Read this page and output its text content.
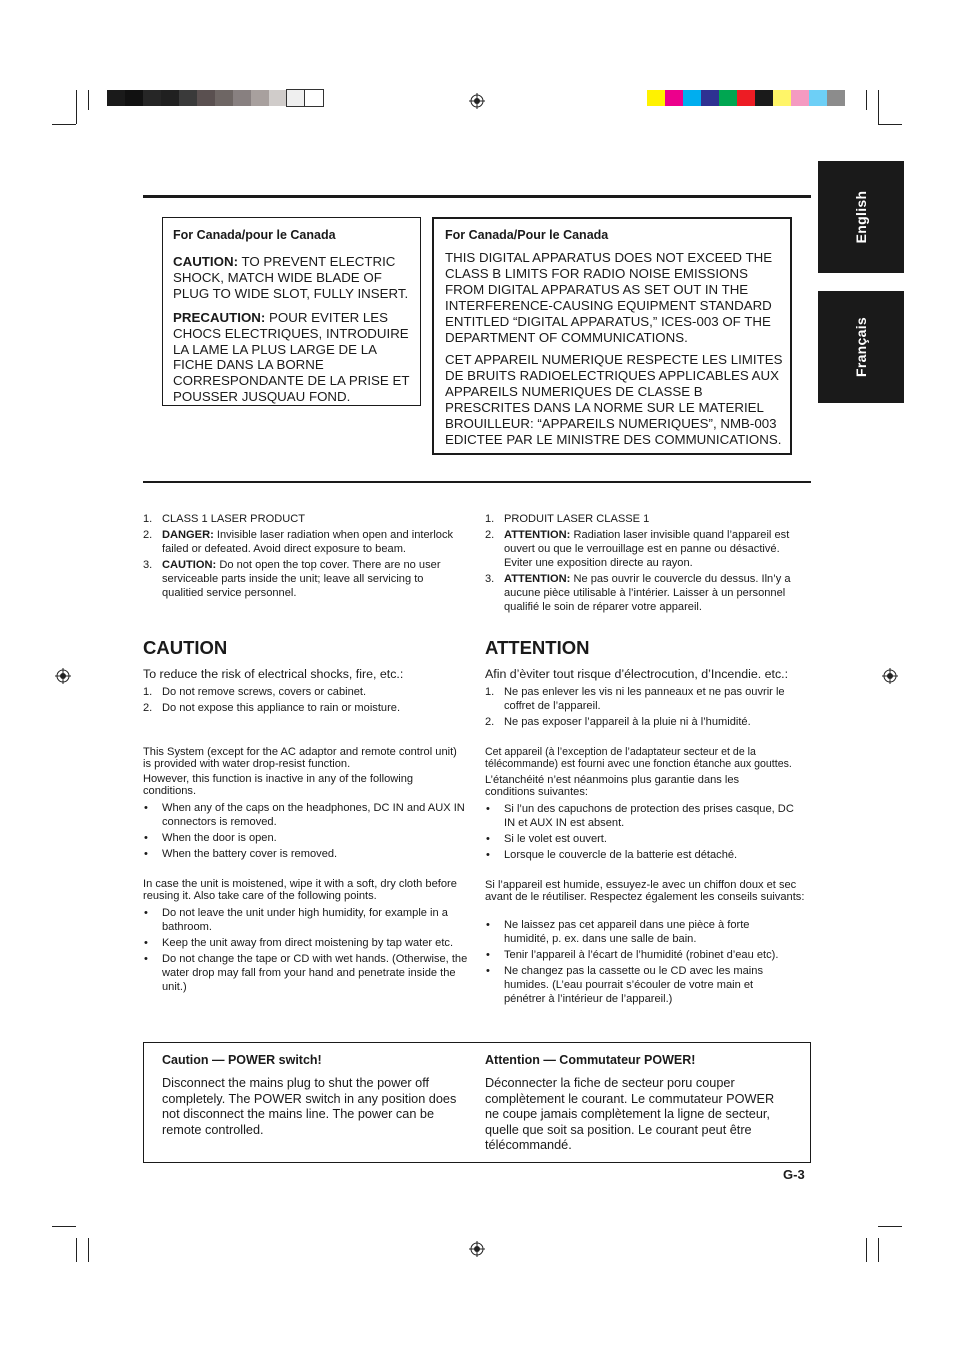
English
Français
For Canada/pour le Canada

CAUTION: TO PREVENT ELECTRIC SHOCK, MATCH WIDE BLADE OF PLUG TO WIDE SLOT, FULLY INSERT.

PRECAUTION: POUR EVITER LES CHOCS ELECTRIQUES, INTRODUIRE LA LAME LA PLUS LARGE DE LA FICHE DANS LA BORNE CORRESPONDANTE DE LA PRISE ET POUSSER JUSQUAU FOND.

For Canada/Pour le Canada

THIS DIGITAL APPARATUS DOES NOT EXCEED THE CLASS B LIMITS FOR RADIO NOISE EMISSIONS FROM DIGITAL APPARATUS AS SET OUT IN THE INTERFERENCE-CAUSING EQUIPMENT STANDARD ENTITLED “DIGITAL APPARATUS,” ICES-003 OF THE DEPARTMENT OF COMMUNICATIONS.

CET APPAREIL NUMERIQUE RESPECTE LES LIMITES DE BRUITS RADIOELECTRIQUES APPLICABLES AUX APPAREILS NUMERIQUES DE CLASSE B PRESCRITES DANS LA NORME SUR LE MATERIEL BROUILLEUR: “APPAREILS NUMERIQUES”, NMB-003 EDICTEE PAR LE MINISTRE DES COMMUNICATIONS.

1. CLASS 1 LASER PRODUCT
2. DANGER: Invisible laser radiation when open and interlock failed or defeated. Avoid direct exposure to beam.
3. CAUTION: Do not open the top cover. There are no user serviceable parts inside the unit; leave all servicing to qualitied service personnel.
1. PRODUIT LASER CLASSE 1
2. ATTENTION: Radiation laser invisible quand l’appareil est ouvert ou que le verrouillage est en panne ou désactivé. Eviter une exposition directe au rayon.
3. ATTENTION: Ne pas ouvrir le couvercle du dessus. Iln’y a aucune pièce utilisable à l’intérier. Laisser à un personnel qualifié le soin de réparer votre appareil.
CAUTION

To reduce the risk of electrical shocks, fire, etc.:

1. Do not remove screws, covers or cabinet.
2. Do not expose this appliance to rain or moisture.

This System (except for the AC adaptor and remote control unit) is provided with water drop-resist function.

However, this function is inactive in any of the following conditions.

• When any of the caps on the headphones, DC IN and AUX IN connectors is removed.
• When the door is open.
• When the battery cover is removed.

In case the unit is moistened, wipe it with a soft, dry cloth before reusing it. Also take care of the following points.

• Do not leave the unit under high humidity, for example in a bathroom.
• Keep the unit away from direct moistening by tap water etc.
• Do not change the tape or CD with wet hands. (Otherwise, the water drop may fall from your hand and penetrate inside the unit.)
ATTENTION

Afin d’èviter tout risque d’électrocution, d’Incendie. etc.:

1. Ne pas enlever les vis ni les panneaux et ne pas ouvrir le coffret de l’appareil.
2. Ne pas exposer l’appareil à la pluie ni à l’humidité.

Cet appareil (à l’exception de l’adaptateur secteur et de la télécommande) est fourni avec une fonction étanche aux gouttes.

L’étanchéité n’est néanmoins plus garantie dans les conditions suivantes:

• Si l’un des capuchons de protection des prises casque, DC IN et AUX IN est absent.
• Si le volet est ouvert.
• Lorsque le couvercle de la batterie est détaché.

Si l’appareil est humide, essuyez-le avec un chiffon doux et sec avant de le réutiliser. Respectez également les conseils suivants:

• Ne laissez pas cet appareil dans une pièce à forte humidité, p. ex. dans une salle de bain.
• Tenir l’appareil à l’écart de l’humidité (robinet d’eau etc).
• Ne changez pas la cassette ou le CD avec les mains humides. (L’eau pourrait s’écouler de votre main et pénétrer à l’intérieur de l’appareil.)
Caution — POWER switch!

Disconnect the mains plug to shut the power off completely. The POWER switch in any position does not disconnect the mains line. The power can be remote controlled.

Attention — Commutateur POWER!

Déconnecter la fiche de secteur poru couper complètement le courant. Le commutateur POWER ne coupe jamais complètement la ligne de secteur, quelle que soit sa position. Le courant peut être télécommandé.

G-3
